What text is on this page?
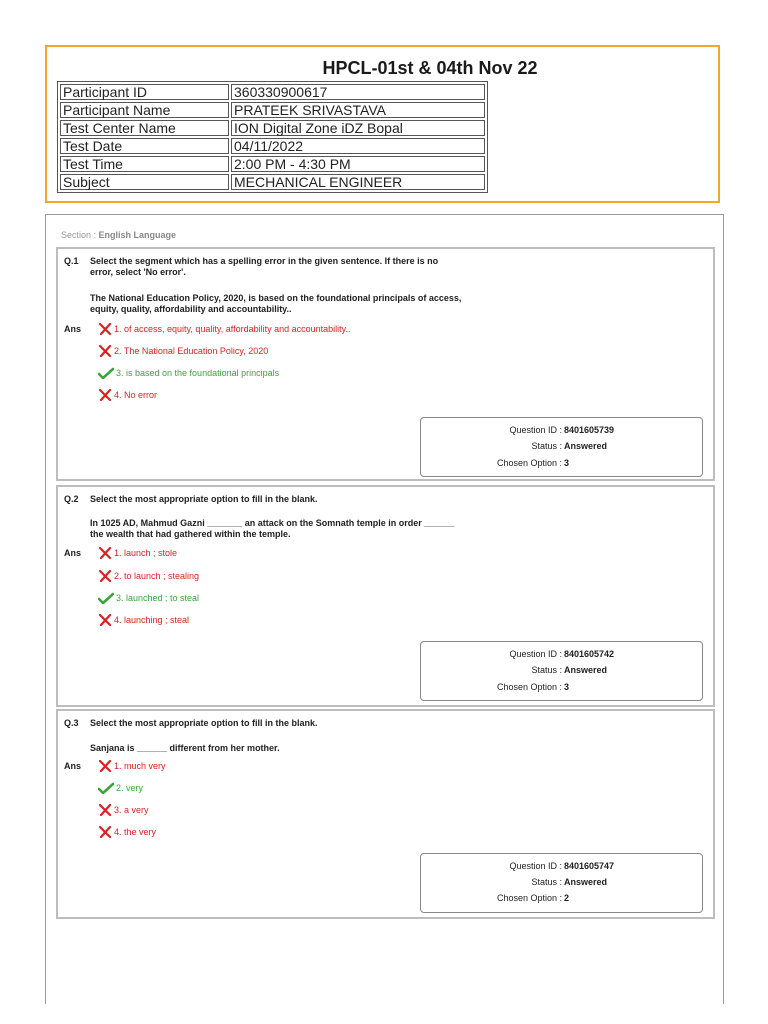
HPCL-01st & 04th Nov 22
Participant ID	360330900617
Participant Name	PRATEEK SRIVASTAVA
Test Center Name	ION Digital Zone iDZ Bopal
Test Date	04/11/2022
Test Time	2:00 PM - 4:30 PM
Subject	MECHANICAL ENGINEER
Section : English Language
Q.1 Select the segment which has a spelling error in the given sentence. If there is no
error, select 'No error'.
The National Education Policy, 2020, is based on the foundational principals of access,
equity, quality, affordability and accountability..
Ans	1. of access, equity, quality, affordability and accountability..
2. The National Education Policy, 2020
3. is based on the foundational principals
4. No error
Question ID : 8401605739
Status : Answered
Chosen Option : 3
Q.2 Select the most appropriate option to fill in the blank.
In 1025 AD, Mahmud Gazni _______ an attack on the Somnath temple in order ______
the wealth that had gathered within the temple.
Ans	1. launch ; stole
2. to launch ; stealing
3. launched ; to steal
4. launching ; steal
Question ID : 8401605742
Status : Answered
Chosen Option : 3
Q.3 Select the most appropriate option to fill in the blank.
Sanjana is ______ different from her mother.
Ans	1. much very
2. very
3. a very
4. the very
Question ID : 8401605747
Status : Answered
Chosen Option : 2
